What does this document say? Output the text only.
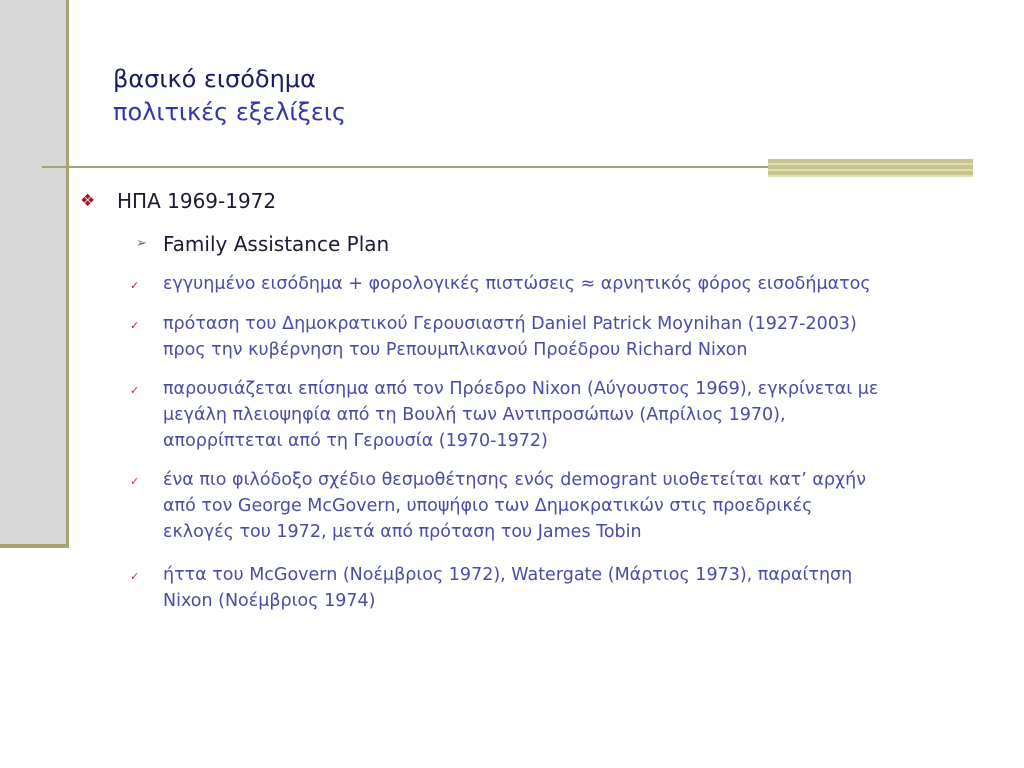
βασικό εισόδημα
πολιτικές εξελίξεις
❖ ΗΠΑ 1969-1972
➢ Family Assistance Plan
✓ εγγυημένο εισόδημα + φορολογικές πιστώσεις ≈ αρνητικός φόρος εισοδήματος
✓ πρόταση του Δημοκρατικού Γερουσιαστή Daniel Patrick Moynihan (1927-2003)
προς την κυβέρνηση του Ρεπουμπλικανού Προέδρου Richard Nixon
✓ παρουσιάζεται επίσημα από τον Πρόεδρο Nixon (Αύγουστος 1969), εγκρίνεται με
μεγάλη πλειοψηφία από τη Βουλή των Αντιπροσώπων (Απρίλιος 1970),
απορρίπτεται από τη Γερουσία (1970-1972)
✓ ένα πιο φιλόδοξο σχέδιο θεσμοθέτησης ενός demogrant υιοθετείται κατ’ αρχήν
από τον George McGovern, υποψήφιο των Δημοκρατικών στις προεδρικές
εκλογές του 1972, μετά από πρόταση του James Tobin
✓ ήττα του McGovern (Νοέμβριος 1972), Watergate (Μάρτιος 1973), παραίτηση
Nixon (Νοέμβριος 1974)
